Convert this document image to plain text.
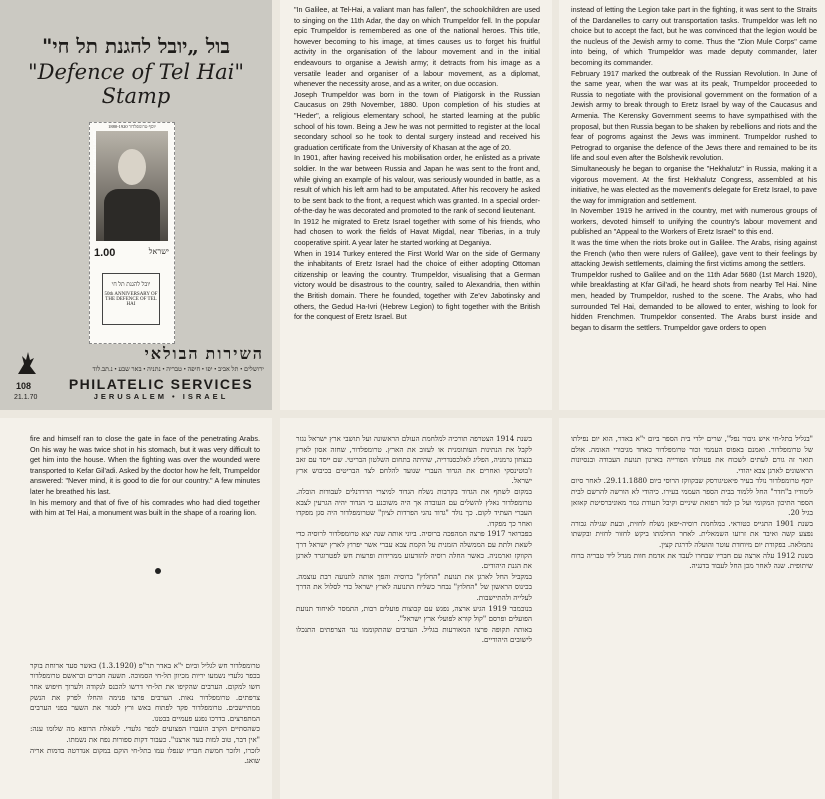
בול „יובל להגנת תל חי"
"Defence of Tel Hai" Stamp
1880-1920 יוסף טרומפלדור
JOSEPH TRUMPELDOR
1.00	ישראל
יובל להגנת תל חי
50th ANNIVERSARY OF THE DEFENCE OF TEL HAI
השירות הבולאי
ירושלים • תל אביב • יפו • חיפה • טבריה • נתניה • באר שבע • נ.תב.לוד
PHILATELIC SERVICES
JERUSALEM • ISRAEL
108
21.1.70

"In Galilee, at Tel-Hai, a valiant man has fallen", the schoolchildren are used to singing on the 11th Adar, the day on which Trumpeldor fell. In the popular epic Trumpeldor is remembered as one of the national heroes. This title, however becoming to his image, at times causes us to forget his fruitful activity in the organisation of the labour movement and in the initial endeavours to organise a Jewish army; it detracts from his image as a versatile leader and organiser of a labour movement, as a diplomat, whenever the necessity arose, and as a writer, on due occasion.

Joseph Trumpeldor was born in the town of Piatigorsk in the Russian Caucasus on 29th November, 1880. Upon completion of his studies at "Heder", a religious elementary school, he started learning at the public school of his town. Being a Jew he was not permitted to register at the local secondary school so he took to dental surgery instead and received his graduation certificate from the University of Khasan at the age of 20.

In 1901, after having received his mobilisation order, he enlisted as a private soldier. In the war between Russia and Japan he was sent to the front and, while giving an example of his valour, was seriously wounded in battle, as a result of which his left arm had to be amputated. After his recovery he asked to be sent back to the front, a request which was granted. In a special order-of-the-day he was decorated and promoted to the rank of second lieutenant.

In 1912 he migrated to Eretz Israel together with some of his friends, who had chosen to work the fields of Havat Migdal, near Tiberias, in a truly cooperative spirit. A year later he started working at Deganiya.

When in 1914 Turkey entered the First World War on the side of Germany the inhabitants of Eretz Israel had the choice of either adopting Ottoman citizenship or leaving the country. Trumpeldor, visualising that a German victory would be disastrous to the country, sailed to Alexandria, then within the British domain. There he founded, together with Ze'ev Jabotinsky and others, the Gedud Ha-Ivri (Hebrew Legion) to fight together with the British for the conquest of Eretz Israel. But

instead of letting the Legion take part in the fighting, it was sent to the Straits of the Dardanelles to carry out transportation tasks. Trumpeldor was left no choice but to accept the fact, but he was convinced that the legion would be the nucleus of the Jewish army to come. Thus the "Zion Mule Corps" came into being, of which Trumpeldor was made deputy commander, later becoming its commander.

February 1917 marked the outbreak of the Russian Revolution. In June of the same year, when the war was at its peak, Trumpeldor proceeded to Russia to negotiate with the provisional government on the formation of a Jewish army to break through to Eretz Israel by way of the Caucasus and Armenia. The Kerensky Government seems to have sympathised with the proposal, but then Russia began to be shaken by rebellions and riots and the fear of pogroms against the Jews was imminent. Trumpeldor rushed to Petrograd to organise the defence of the Jews there and remained to be its life and soul even after the Bolshevik revolution.

Simultaneously he began to organise the "Hekhalutz" in Russia, making it a vigorous movement. At the first Hekhalutz Congress, assembled at his initiative, he was elected as the movement's delegate for Eretz Israel, to pave the way for immigration and settlement.

In November 1919 he arrived in the country, met with numerous groups of workers, devoted himself to unifying the country's labour movement and published an "Appeal to the Workers of Eretz Israel" to this end.

It was the time when the riots broke out in Galilee. The Arabs, rising against the French (who then were rulers of Galilee), gave vent to their feelings by attacking Jewish settlements, claiming the first victims among the settlers.

Trumpeldor rushed to Galilee and on the 11th Adar 5680 (1st March 1920), while breakfasting at Kfar Gil'adi, he heard shots from nearby Tel Hai. Nine men, headed by Trumpeldor, rushed to the scene. The Arabs, who had surrounded Tel Hai, demanded to be allowed to enter, wishing to look for hidden Frenchmen. Trumpeldor consented. The Arabs burst inside and began to disarm the settlers. Trumpeldor gave orders to open

fire and himself ran to close the gate in face of the penetrating Arabs. On his way he was twice shot in his stomach, but it was very difficult to get him into the house. When the fighting was over the wounded were transported to Kefar Gil'adi. Asked by the doctor how he felt, Trumpeldor answered: "Never mind, it is good to die for our country." A few minutes later he breathed his last.

In his memory and that of five of his comrades who had died together with him at Tel Hai, a monument was built in the shape of a roaring lion.

טרומפלדור חש לגליל וביום י"א באדר תר"פ (1.3.1920) כאשר סעד ארוחת בוקר בכפר גלעדי נשמעו יריות מכיוון תל-חי הסמוכה. תשעה חברים ובראשם טרומפלדור חשו למקום. הערבים שהקיפו את תל-חי דרשו להכנס לנקודה ולערוך חיפוש אחר צרפתים. טרומפלדור נאות. הערבים פרצו פנימה והחלו לפרק את הנשק ממתיישבים. טרומפלדור פקד לפתוח באש ורץ לסגור את השער בפני הערבים המתפרצים. בדרכו נפגע פעמיים בבטנו.

כשהסתיים הקרב הועברו הפצועים לכפר גלעדי. לשאלת הרופא מה שלומו ענה: "אין דבר, טוב למות בעד ארצנו". כעבור דקות ספורות נפח את נשמתו.

לזכרו, ולזכר חמשת חבריו שנפלו עמו בתל-חי הוקם במקום אנדרטה בדמות אריה שואג.

בשנת 1914 הצטרפה תורכיה למלחמת העולם הראשונה ועל תושבי ארץ ישראל נגזר לקבל את הנתינות העותומנית או לעזוב את הארץ. טרומפלדור, שחזה אסון לארץ בנצחון גרמניה, הפליג לאלכסנדריה, שהיתה בתחום השלטון הבריטי. שם ייסד עם זאב ז'בוטינסקי ואחרים את הגדוד העברי שנועד להלחם לצד הבריטים בכיבוש ארץ ישראל.

במקום לשתף את הגדוד בקרבות נשלח הגדוד למיצרי הדרדנלים לעבודות הובלה. טרומפלדור נאלץ להשלים עם העובדה אך היה משוכנע כי הגדוד יהיה הגרעין לצבא העברי העתיד לקום. כך נולד "גדוד נהגי הפרדות לציון" שטרומפלדור היה סגן מפקדו ואחר כך מפקדו.

בפברואר 1917 פרצה המהפכה ברוסיה. ביוני אותה שנה יצא טרומפלדור לרוסיה כדי לשאת ולתת עם הממשלה הזמנית על הקמת צבא עברי אשר יפרוץ לארץ ישראל דרך הקווקז וארמניה. כאשר החלה רוסיה להזדעזע ממרידות ופרעות חש לפטרוגרד לארגן את הגנת היהודים.

במקביל החל לארגן את תנועת "החלוץ" ברוסיה והפך אותה לתנועה רבת עוצמה. בכינוס הראשון של "החלוץ" נבחר כשליח התנועה לארץ ישראל כדי לסלול את הדרך לעלייה ולהתיישבות.

בנובמבר 1919 הגיע ארצה, נפגש עם קבוצות פועלים רבות, התמסר לאיחוד תנועת הפועלים ופרסם "קול קורא לפועלי ארץ ישראל".

באותה תקופה פרצו המאורעות בגליל. הערבים שהתקוממו נגד הצרפתים התנכלו לישובים היהודיים.

"בגליל בתל-חי איש גיבור נפל", שרים ילדי בית הספר ביום י"א באדר, הוא יום נפילתו של טרומפלדור. ואמנם באפוס העממי זכור טרומפלדור כאחד מגיבורי האומה. אולם תואר זה גורם לעתים לשכוח את פעולתו הפורייה בארגון תנועת העבודה ובנסיונות הראשונים לארגן צבא יהודי.

יוסף טרומפלדור נולד בעיר פיאטיגורסק שבקווקז הרוסי ביום 29.11.1880. לאחר סיום לימודיו ב"חדר" החל ללמוד בבית הספר העממי בעירו. כיהודי לא הורשה להרשם לבית הספר התיכון המקומי ועל כן למד רפואת שיניים וקיבל תעודת גמר מאוניברסיטת קאזאן בגיל 20.

בשנת 1901 התגייס כטוראי. במלחמת רוסיה-יפאן נשלח לחזית, ובעת שגילה גבורה נפצע קשה ואיבד את זרועו השמאלית. לאחר החלמתו ביקש לחזור לחזית ובקשתו נתמלאה. בפקודת יום מיוחדת עוטר והועלה לדרגת קצין.

בשנת 1912 עלה ארצה עם חבריו שבחרו לעבד את אדמת חוות מגדל ליד טבריה ברוח שיתופית. שנה לאחר מכן החל לעבוד בדגניה.
